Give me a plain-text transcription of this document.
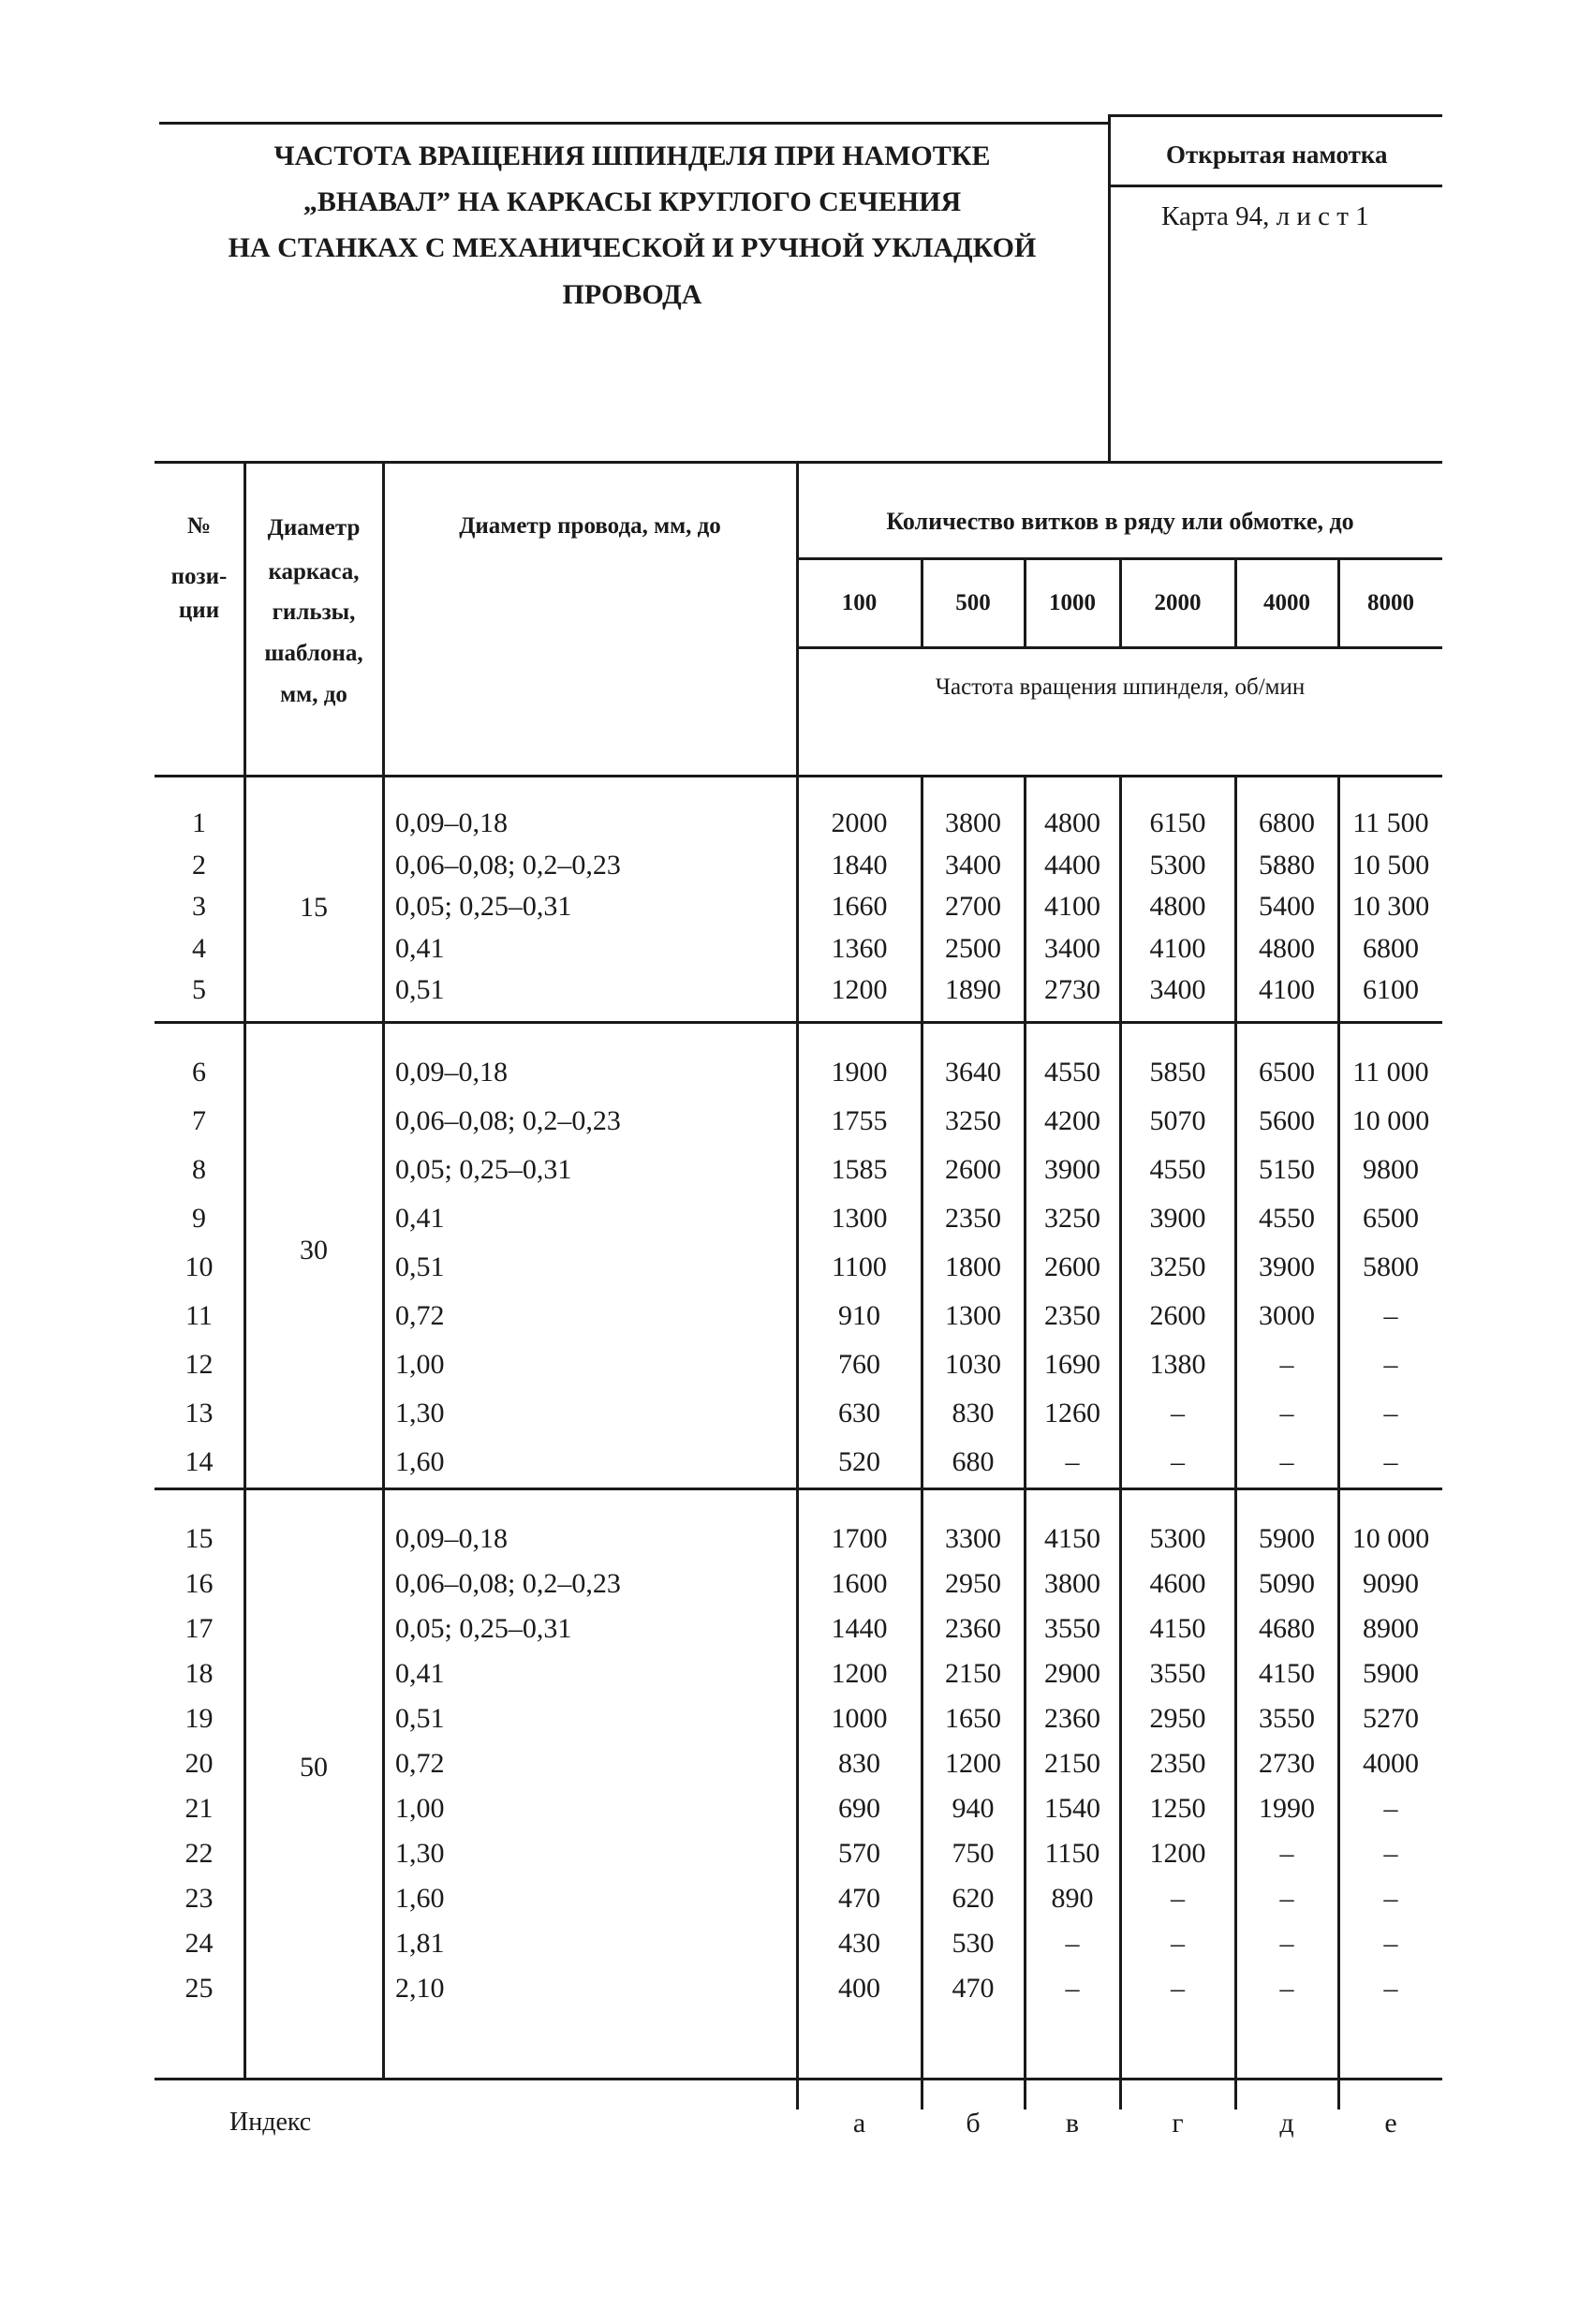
ЧАСТОТА ВРАЩЕНИЯ ШПИНДЕЛЯ ПРИ НАМОТКЕ
„ВНАВАЛ” НА КАРКАСЫ КРУГЛОГО СЕЧЕНИЯ
НА СТАНКАХ С МЕХАНИЧЕСКОЙ И РУЧНОЙ УКЛАДКОЙ
ПРОВОДА
Открытая намотка
Карта 94, л и с т 1
№
пози-
ции
Диаметр
каркаса,
гильзы,
шаблона,
мм, до
Диаметр провода, мм, до	Количество витков в ряду или обмотке, до
100	500	1000	2000	4000	8000
Частота вращения шпинделя, об/мин
15
1	0,09–0,18	2000	3800	4800	6150	6800	11 500
2	0,06–0,08; 0,2–0,23	1840	3400	4400	5300	5880	10 500
3	0,05; 0,25–0,31	1660	2700	4100	4800	5400	10 300
4	0,41	1360	2500	3400	4100	4800	6800
5	0,51	1200	1890	2730	3400	4100	6100
30
6	0,09–0,18	1900	3640	4550	5850	6500	11 000
7	0,06–0,08; 0,2–0,23	1755	3250	4200	5070	5600	10 000
8	0,05; 0,25–0,31	1585	2600	3900	4550	5150	9800
9	0,41	1300	2350	3250	3900	4550	6500
10	0,51	1100	1800	2600	3250	3900	5800
11	0,72	910	1300	2350	2600	3000	–
12	1,00	760	1030	1690	1380	–	–
13	1,30	630	830	1260	–	–	–
14	1,60	520	680	–	–	–	–
50
15	0,09–0,18	1700	3300	4150	5300	5900	10 000
16	0,06–0,08; 0,2–0,23	1600	2950	3800	4600	5090	9090
17	0,05; 0,25–0,31	1440	2360	3550	4150	4680	8900
18	0,41	1200	2150	2900	3550	4150	5900
19	0,51	1000	1650	2360	2950	3550	5270
20	0,72	830	1200	2150	2350	2730	4000
21	1,00	690	940	1540	1250	1990	–
22	1,30	570	750	1150	1200	–	–
23	1,60	470	620	890	–	–	–
24	1,81	430	530	–	–	–	–
25	2,10	400	470	–	–	–	–
Индекс	а	б	в	г	д	е
